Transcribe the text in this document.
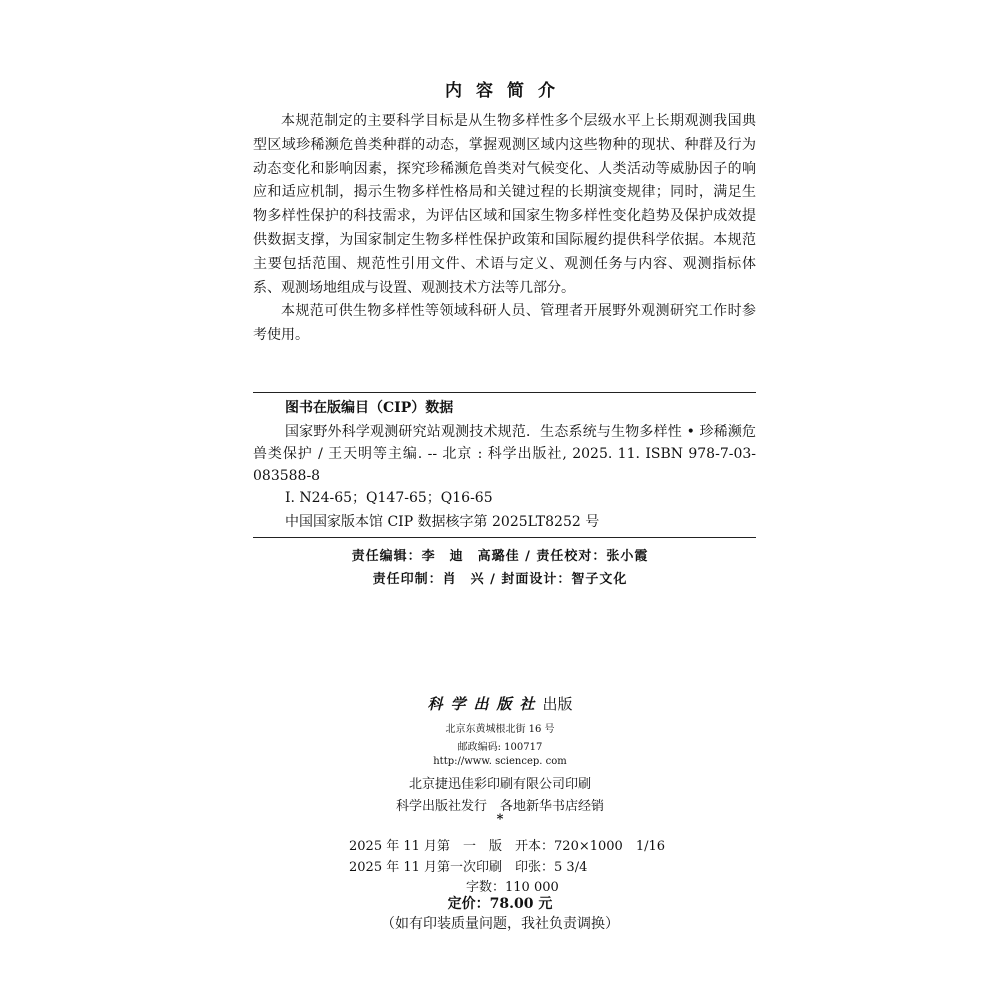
内容简介

本规范制定的主要科学目标是从生物多样性多个层级水平上长期观测我国典型区域珍稀濒危兽类种群的动态，掌握观测区域内这些物种的现状、种群及行为动态变化和影响因素，探究珍稀濒危兽类对气候变化、人类活动等威胁因子的响应和适应机制，揭示生物多样性格局和关键过程的长期演变规律；同时，满足生物多样性保护的科技需求，为评估区域和国家生物多样性变化趋势及保护成效提供数据支撑，为国家制定生物多样性保护政策和国际履约提供科学依据。本规范主要包括范围、规范性引用文件、术语与定义、观测任务与内容、观测指标体系、观测场地组成与设置、观测技术方法等几部分。

本规范可供生物多样性等领域科研人员、管理者开展野外观测研究工作时参考使用。

图书在版编目（CIP）数据
国家野外科学观测研究站观测技术规范．生态系统与生物多样性 • 珍稀濒危兽类保护 / 王天明等主编. -- 北京 : 科学出版社, 2025. 11. ISBN 978-7-03-083588-8
Ⅰ. N24-65；Q147-65；Q16-65
中国国家版本馆 CIP 数据核字第 2025LT8252 号
责任编辑：李　迪　高璐佳 / 责任校对：张小霞
责任印制：肖　兴 / 封面设计：智子文化
科学出版社出版
北京东黄城根北街 16 号
邮政编码: 100717
http://www. sciencep. com
北京捷迅佳彩印刷有限公司印刷
科学出版社发行　各地新华书店经销
*
2025 年 11 月第　一　版　开本：720×1000　1/16
2025 年 11 月第一次印刷　印张：5 3/4
字数：110 000
定价：78.00 元
（如有印装质量问题，我社负责调换）
